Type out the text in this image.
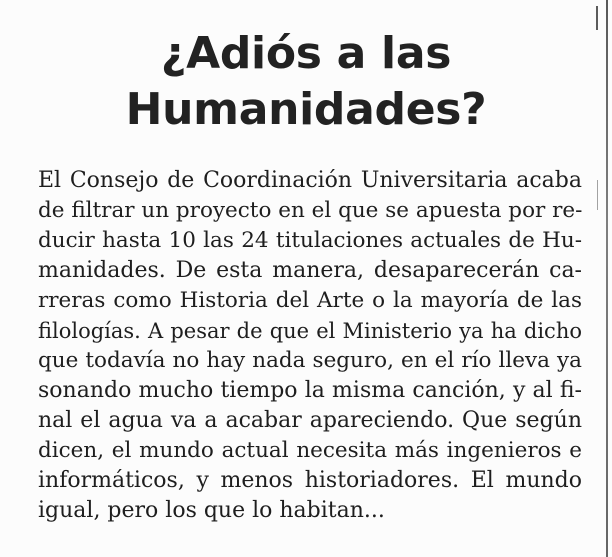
¿Adiós a las
Humanidades?
El Consejo de Coordinación Universitaria acaba
de filtrar un proyecto en el que se apuesta por re-
ducir hasta 10 las 24 titulaciones actuales de Hu-
manidades. De esta manera, desaparecerán ca-
rreras como Historia del Arte o la mayoría de las
filologías. A pesar de que el Ministerio ya ha dicho
que todavía no hay nada seguro, en el río lleva ya
sonando mucho tiempo la misma canción, y al fi-
nal el agua va a acabar apareciendo. Que según
dicen, el mundo actual necesita más ingenieros e
informáticos, y menos historiadores. El mundo
igual, pero los que lo habitan...
